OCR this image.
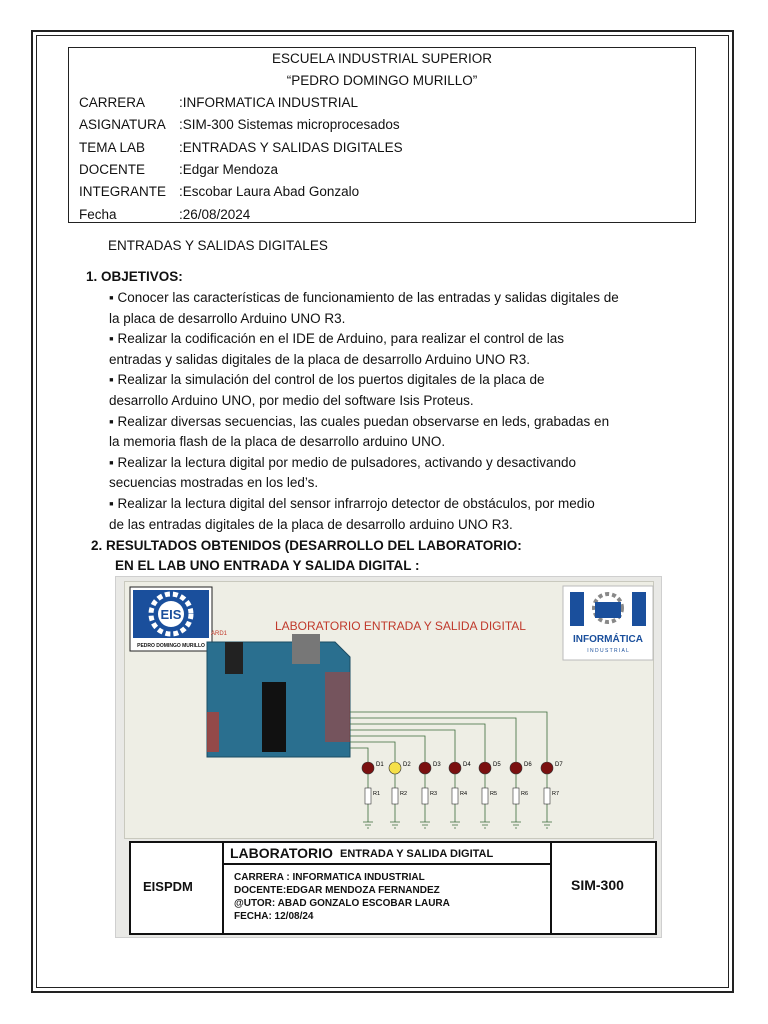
ESCUELA INDUSTRIAL SUPERIOR
“PEDRO DOMINGO MURILLO”
CARRERA	:INFORMATICA INDUSTRIAL
ASIGNATURA :SIM-300 Sistemas microprocesados
TEMA LAB	:ENTRADAS Y SALIDAS DIGITALES
DOCENTE	:Edgar Mendoza
INTEGRANTE :Escobar Laura Abad Gonzalo
Fecha	:26/08/2024
ENTRADAS Y SALIDAS DIGITALES
1. OBJETIVOS:
▪ Conocer las características de funcionamiento de las entradas y salidas digitales de
la placa de desarrollo Arduino UNO R3.
▪ Realizar la codificación en el IDE de Arduino, para realizar el control de las
entradas y salidas digitales de la placa de desarrollo Arduino UNO R3.
▪ Realizar la simulación del control de los puertos digitales de la placa de
desarrollo Arduino UNO, por medio del software Isis Proteus.
▪ Realizar diversas secuencias, las cuales puedan observarse en leds, grabadas en
la memoria flash de la placa de desarrollo arduino UNO.
▪ Realizar la lectura digital por medio de pulsadores, activando y desactivando
secuencias mostradas en los led’s.
▪ Realizar la lectura digital del sensor infrarrojo detector de obstáculos, por medio
de las entradas digitales de la placa de desarrollo arduino UNO R3.
2. RESULTADOS OBTENIDOS (DESARROLLO DEL LABORATORIO:
EN EL LAB UNO ENTRADA Y SALIDA DIGITAL :
EIS
PEDRO DOMINGO MURILLO
LABORATORIO ENTRADA Y SALIDA DIGITAL
ARD1	INFORMÁTICA
I N D U S T R I A L
D1
R1
D2
R2
D3
R3
D4
R4
D5
R5
D6
R6
D7
R7
EISPDM
LABORATORIO ENTRADA Y SALIDA DIGITAL
CARRERA : INFORMATICA INDUSTRIAL
DOCENTE:EDGAR MENDOZA FERNANDEZ
@UTOR: ABAD GONZALO ESCOBAR LAURA
FECHA: 12/08/24
SIM-300
